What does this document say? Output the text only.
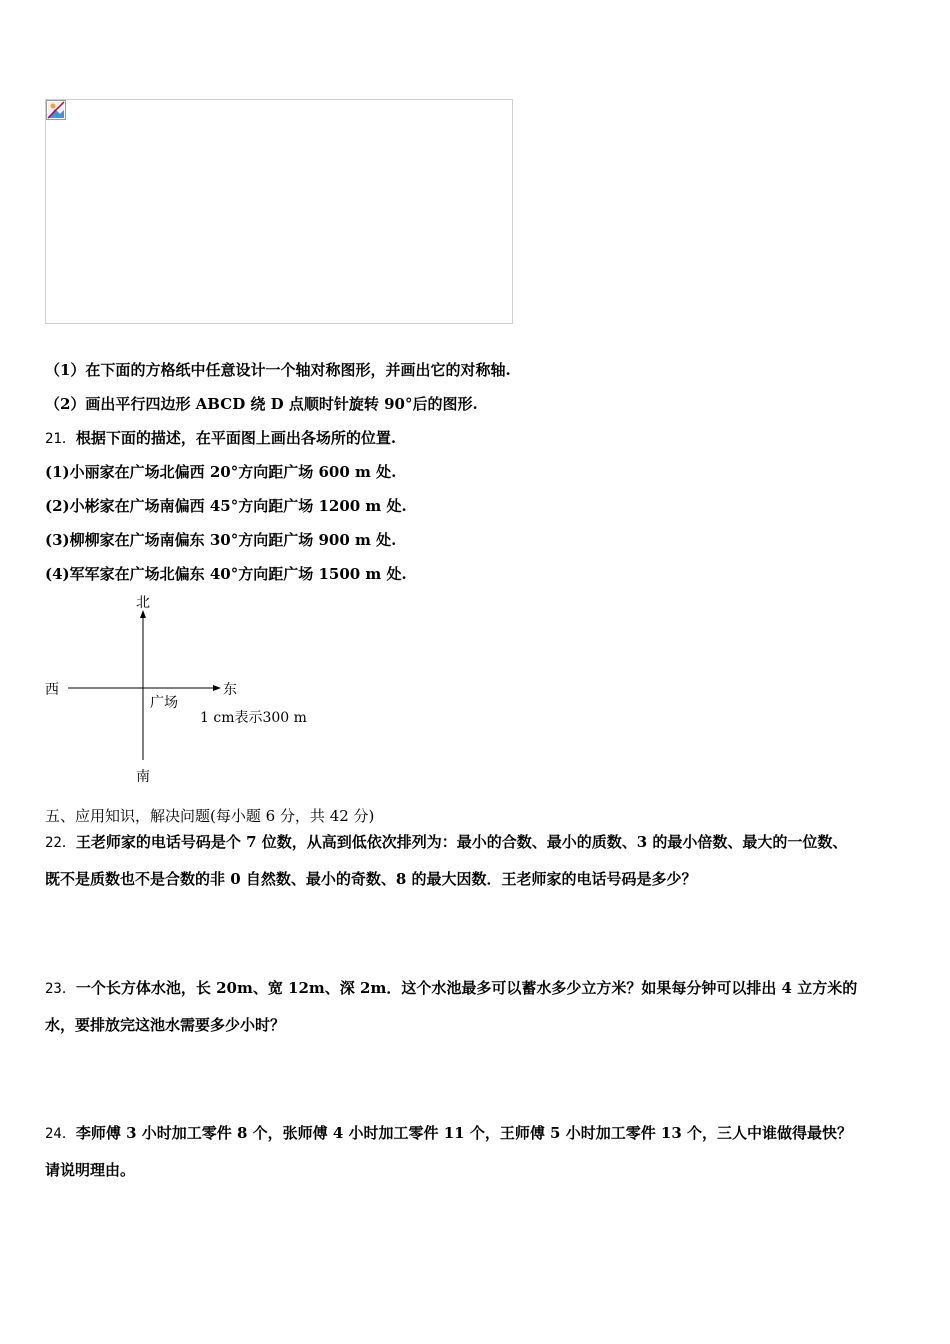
（1）在下面的方格纸中任意设计一个轴对称图形，并画出它的对称轴.
（2）画出平行四边形 ABCD 绕 D 点顺时针旋转 90°后的图形.
21．根据下面的描述，在平面图上画出各场所的位置.
(1)小丽家在广场北偏西 20°方向距广场 600 m 处.
(2)小彬家在广场南偏西 45°方向距广场 1200 m 处.
(3)柳柳家在广场南偏东 30°方向距广场 900 m 处.
(4)军军家在广场北偏东 40°方向距广场 1500 m 处.
北
南
西	东
广场
1 cm表示300 m
五、应用知识，解决问题(每小题 6 分，共 42 分)
22．王老师家的电话号码是个 7 位数，从高到低依次排列为：最小的合数、最小的质数、3 的最小倍数、最大的一位数、
既不是质数也不是合数的非 0 自然数、最小的奇数、8 的最大因数．王老师家的电话号码是多少？
23．一个长方体水池，长 20m、宽 12m、深 2m．这个水池最多可以蓄水多少立方米？如果每分钟可以排出 4 立方米的
水，要排放完这池水需要多少小时？
24．李师傅 3 小时加工零件 8 个，张师傅 4 小时加工零件 11 个，王师傅 5 小时加工零件 13 个，三人中谁做得最快？
请说明理由。
